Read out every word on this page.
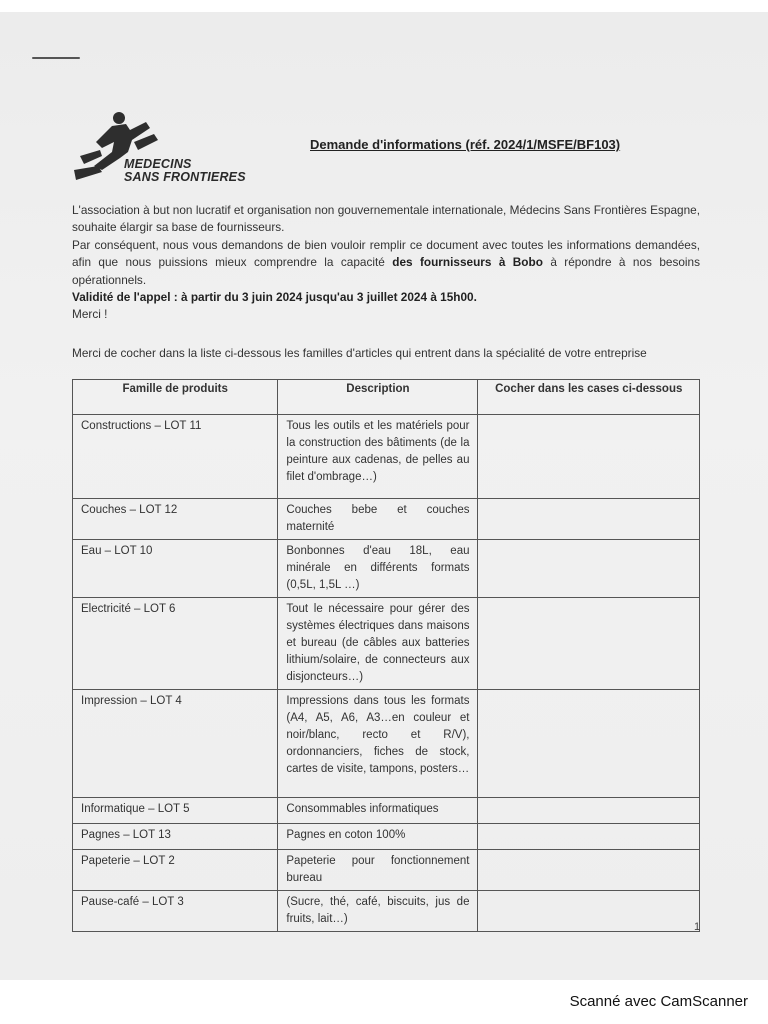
MEDECINS
SANS FRONTIERES
Demande d'informations (réf. 2024/1/MSFE/BF103)

L'association à but non lucratif et organisation non gouvernementale internationale, Médecins Sans Frontières Espagne, souhaite élargir sa base de fournisseurs.

Par conséquent, nous vous demandons de bien vouloir remplir ce document avec toutes les informations demandées, afin que nous puissions mieux comprendre la capacité des fournisseurs à Bobo à répondre à nos besoins opérationnels.

Validité de l'appel : à partir du 3 juin 2024 jusqu'au 3 juillet 2024 à 15h00.

Merci !

Merci de cocher dans la liste ci-dessous les familles d'articles qui entrent dans la spécialité de votre entreprise
Famille de produits	Description	Cocher dans les cases ci-dessous
Constructions – LOT 11	Tous les outils et les matériels pour la construction des bâtiments (de la peinture aux cadenas, de pelles au filet d'ombrage…)	
Couches – LOT 12	Couches bebe et couches maternité	
Eau – LOT 10	Bonbonnes d'eau 18L, eau minérale en différents formats (0,5L, 1,5L …)	
Electricité – LOT 6	Tout le nécessaire pour gérer des systèmes électriques dans maisons et bureau (de câbles aux batteries lithium/solaire, de connecteurs aux disjoncteurs…)	
Impression – LOT 4	Impressions dans tous les formats (A4, A5, A6, A3…en couleur et noir/blanc, recto et R/V), ordonnanciers, fiches de stock, cartes de visite, tampons, posters…	
Informatique – LOT 5	Consommables informatiques	
Pagnes – LOT 13	Pagnes en coton 100%	
Papeterie – LOT 2	Papeterie pour fonctionnement bureau	
Pause-café – LOT 3	(Sucre, thé, café, biscuits, jus de fruits, lait…)	
1
Scanné avec CamScanner
